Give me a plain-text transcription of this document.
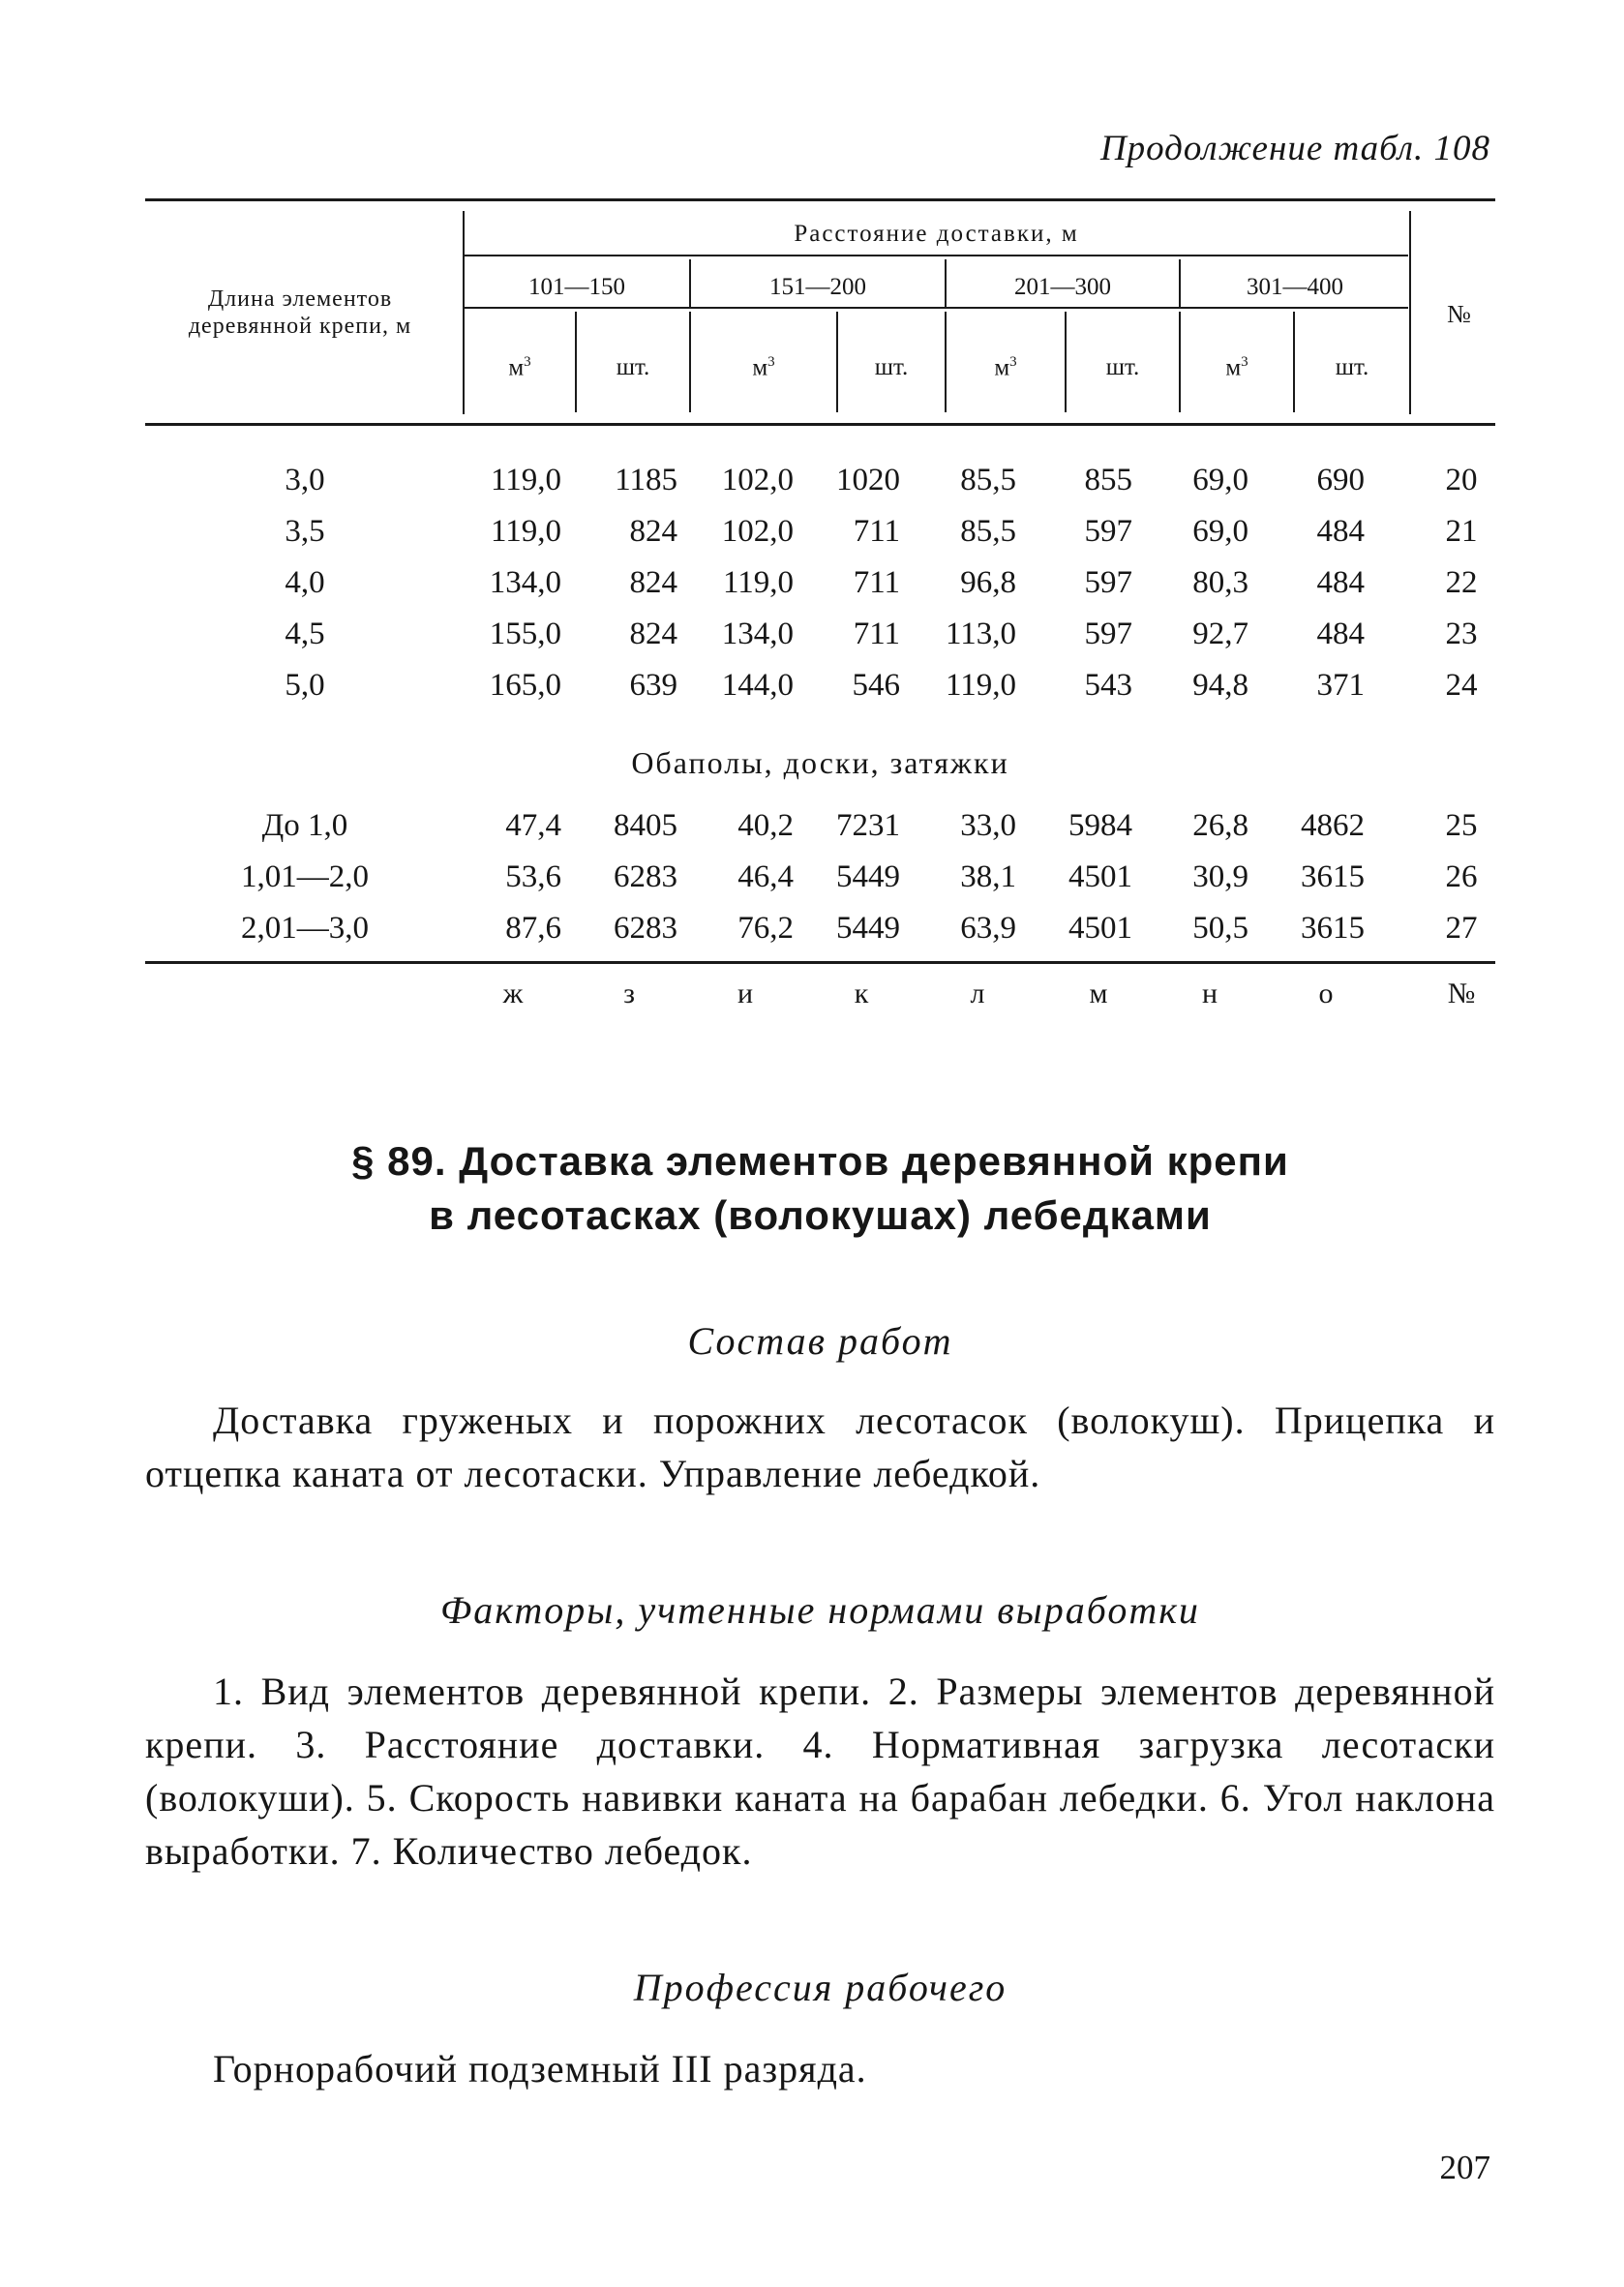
Продолжение табл. 108
Длина элементов
деревянной крепи, м
Расстояние доставки, м
101—150	151—200	201—300	301—400
$м^3$	шт.	$м^3$	шт.	$м^3$	шт.	$м^3$	шт.
№
3,0	119,0	1185	102,0	1020	85,5	855	69,0	690	20
3,5	119,0	824	102,0	711	85,5	597	69,0	484	21
4,0	134,0	824	119,0	711	96,8	597	80,3	484	22
4,5	155,0	824	134,0	711	113,0	597	92,7	484	23
5,0	165,0	639	144,0	546	119,0	543	94,8	371	24
Обаполы, доски, затяжки
До 1,0	47,4	8405	40,2	7231	33,0	5984	26,8	4862	25
1,01—2,0	53,6	6283	46,4	5449	38,1	4501	30,9	3615	26
2,01—3,0	87,6	6283	76,2	5449	63,9	4501	50,5	3615	27
ж	з	и	к	л	м	н	о	№
§ 89. Доставка элементов деревянной крепи
в лесотасках (волокушах) лебедками
Состав работ
Доставка груженых и порожних лесотасок (волокуш). Прицепка и отцепка каната от лесотаски. Управление лебедкой.
Факторы, учтенные нормами выработки
1. Вид элементов деревянной крепи. 2. Размеры элементов деревянной крепи. 3. Расстояние доставки. 4. Нормативная загрузка лесотаски (волокуши). 5. Скорость навивки каната на барабан лебедки. 6. Угол наклона выработки. 7. Количество лебедок.
Профессия рабочего
Горнорабочий подземный III разряда.
207
